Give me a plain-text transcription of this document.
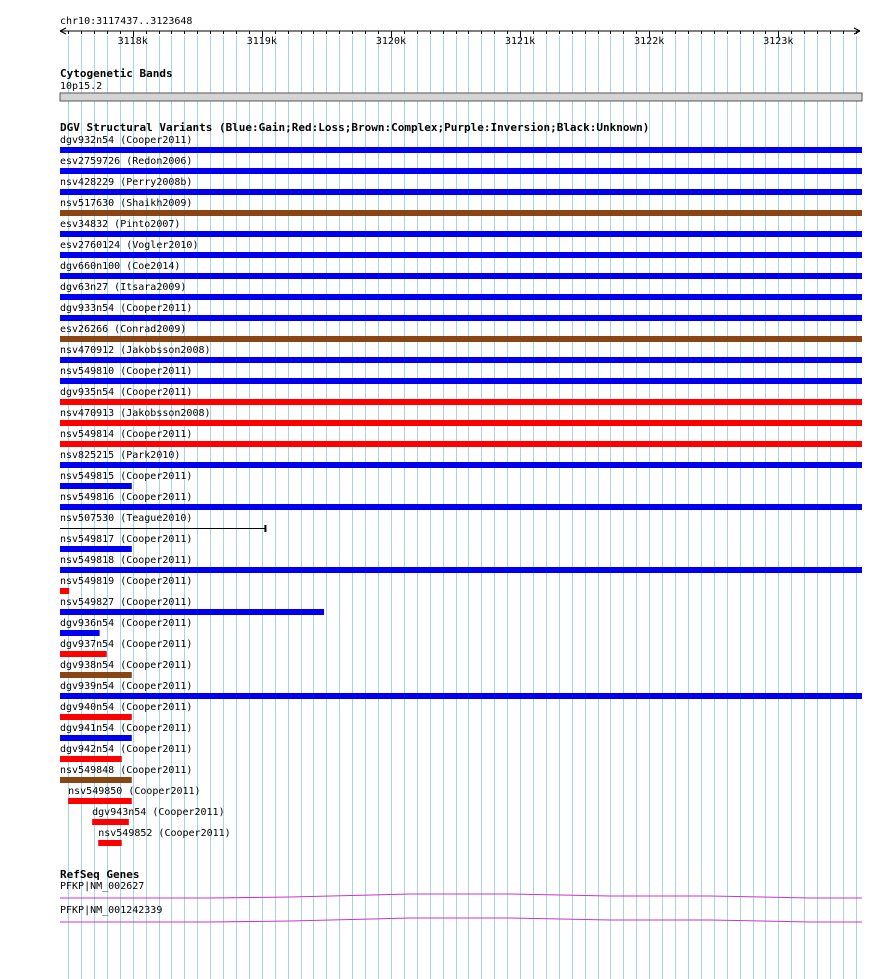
chr10:3117437..3123648
3118k	3119k	3120k	3121k	3122k	3123k
Cytogenetic Bands
10p15.2
DGV Structural Variants (Blue:Gain;Red:Loss;Brown:Complex;Purple:Inversion;Black:Unknown)
dgv932n54 (Cooper2011)
esv2759726 (Redon2006)
nsv428229 (Perry2008b)
nsv517630 (Shaikh2009)
esv34832 (Pinto2007)
esv2760124 (Vogler2010)
dgv660n100 (Coe2014)
dgv63n27 (Itsara2009)
dgv933n54 (Cooper2011)
esv26266 (Conrad2009)
nsv470912 (Jakobsson2008)
nsv549810 (Cooper2011)
dgv935n54 (Cooper2011)
nsv470913 (Jakobsson2008)
nsv549814 (Cooper2011)
nsv825215 (Park2010)
nsv549815 (Cooper2011)
nsv549816 (Cooper2011)
nsv507530 (Teague2010)
nsv549817 (Cooper2011)
nsv549818 (Cooper2011)
nsv549819 (Cooper2011)
nsv549827 (Cooper2011)
dgv936n54 (Cooper2011)
dgv937n54 (Cooper2011)
dgv938n54 (Cooper2011)
dgv939n54 (Cooper2011)
dgv940n54 (Cooper2011)
dgv941n54 (Cooper2011)
dgv942n54 (Cooper2011)
nsv549848 (Cooper2011)
nsv549850 (Cooper2011)
dgv943n54 (Cooper2011)
nsv549852 (Cooper2011)
RefSeq Genes
PFKP|NM_002627
PFKP|NM_001242339
